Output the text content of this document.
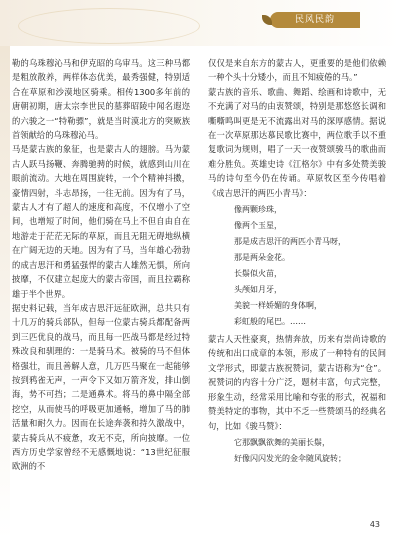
民风民韵

勒的乌珠穆沁马和伊克昭的乌审马。这三种马都是粗放散养，两样体态优美，最秀强健，特别适合在草原和沙漠地区骑乘。相传1300多年前的唐朝初期，唐太宗李世民的墓葬昭陵中闻名遐迩的六骏之一“特勒骠”，就是当时漠北方的突厥族首领献给的乌珠穆沁马。

马是蒙古族的象征，也是蒙古人的翅膀。马为蒙古人跃马扬鞭、奔腾驰骋的时候，就感到山川在眼前流动。大地在周围旋转，一个个精神抖擞，豪情四射，斗志昂扬，一往无前。因为有了马，蒙古人才有了超人的速度和高度，不仅增小了空间，也增短了时间，他们骑在马上不但自由自在地游走于茫茫无际的草原，而且无阻无碍地纵横在广阔无边的天地。因为有了马，当年雄心勃勃的成吉思汗和勇猛强悍的蒙古人雄然无惧，所向披靡，不仅建立起庞大的蒙古帝国，而且拉霸称雄于半个世界。

据史料记载，当年成吉思汗远征欧洲，总共只有十几万的骑兵部队，但每一位蒙古骑兵都配备两到三匹优良的战马，而且每一匹战马都是经过特殊改良和驯理的：一是骑马术。被骑的马不但体格强壮，而且善解人意，几万匹马聚在一起能够按到鸦雀无声，一声令下又如万箭齐发，排山倒海，势不可挡；二是通鼻术。将马的鼻中隔全部挖空，从而使马的呼吸更加通畅，增加了马的肺活量和耐久力。因而在长途奔袭和持久激战中，蒙古骑兵从不疲惫，攻无不克，所向披靡。一位西方历史学家曾经不无感慨地说：“13世纪征服欧洲的不

仅仅是来自东方的蒙古人，更重要的是他们依赖一种个头十分矮小，而且不知疲倦的马。”

蒙古族的音乐、歌曲、舞蹈、绘画和诗歌中，无不充满了对马的由衷赞颂，特别是那悠悠长调和嘶嘶鸣叫更是无不流露出对马的深厚感情。据说在一次草原那达慕民歌比赛中，两位歌手以不重复歌词为规则，唱了一天一夜赞颂骏马的歌曲而难分胜负。英雄史诗《江格尔》中有多处赞美骏马的诗句至今仍在传诵。草原牧区至今传唱着《成吉思汗的两匹小青马》：

像两颗珍珠，
像两个玉星，
那是成吉思汗的两匹小青马呀，
那是两朵金花。
长鬃似火苗，
头颅如月牙，
美貌一样娇媚的身体啊，
彩虹般的尾巴。……

蒙古人天性豪爽，热情奔放，历来有崇尚诗歌的传统和出口成章的本领，形成了一种特有的民间文学形式，即蒙古族祝赞词，蒙古语称为“仓”。祝赞词的内容十分广泛，题材丰富，句式完整，形象生动，经常采用比喻和夸张的形式，祝福和赞美特定的事物，其中不乏一些赞颂马的经典名句，比如《骏马赞》：

它那飘飘欲舞的美丽长鬃，
好像闪闪发光的金伞随风旋转；
43
